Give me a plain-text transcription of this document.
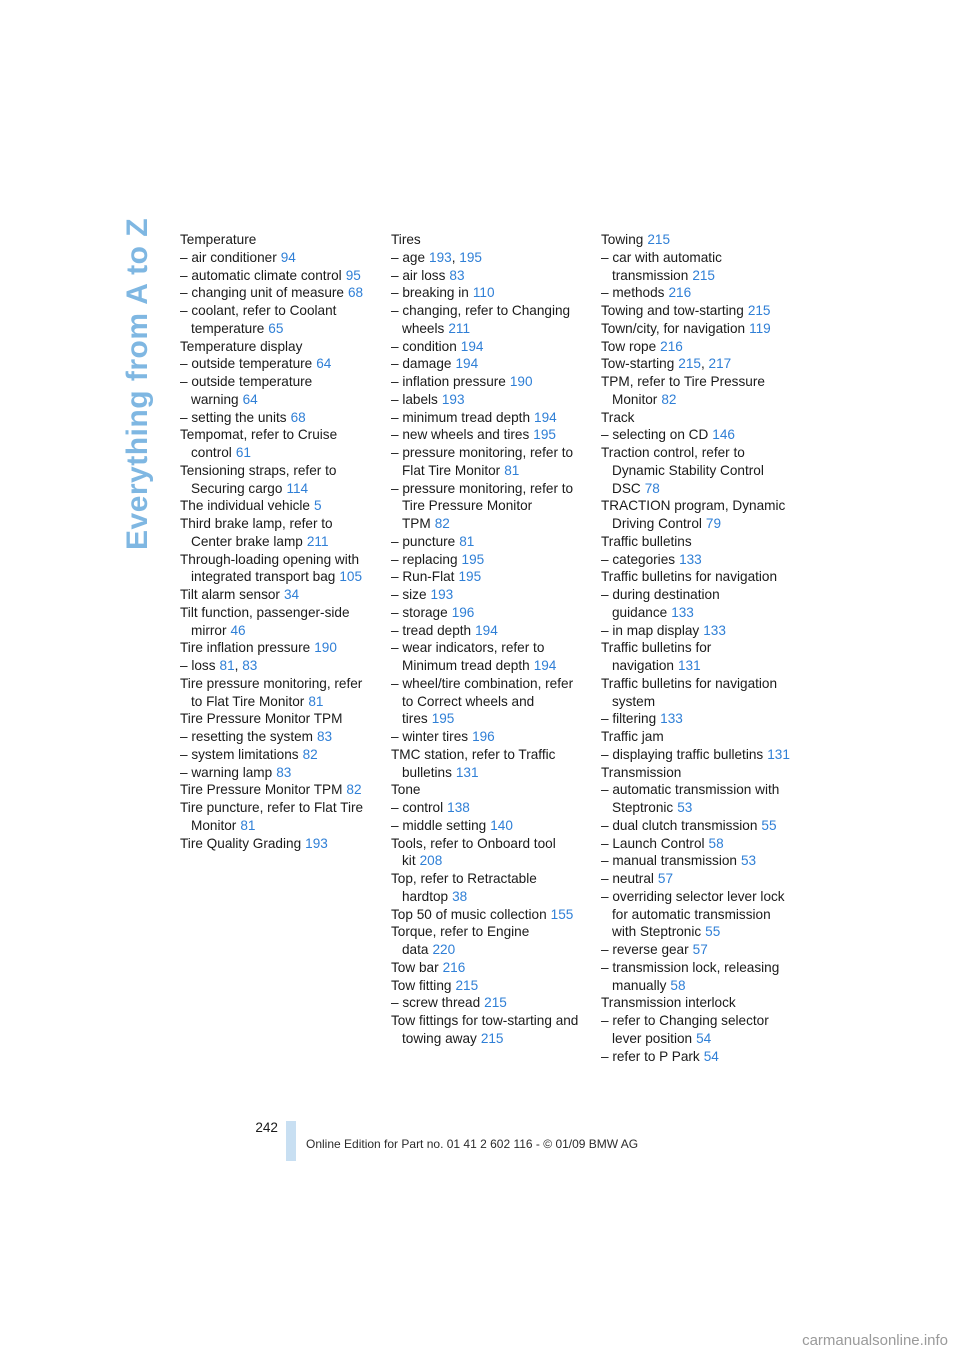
Everything from A to Z Temperature

– air conditioner 94

– automatic climate control 95

– changing unit of measure 68

– coolant, refer to Coolant temperature 65

Temperature display

– outside temperature 64

– outside temperature warning 64

– setting the units 68

Tempomat, refer to Cruise control 61

Tensioning straps, refer to Securing cargo 114

The individual vehicle 5

Third brake lamp, refer to Center brake lamp 211

Through-loading opening with integrated transport bag 105

Tilt alarm sensor 34

Tilt function, passenger-side mirror 46

Tire inflation pressure 190

– loss 81, 83

Tire pressure monitoring, refer to Flat Tire Monitor 81

Tire Pressure Monitor TPM

– resetting the system 83

– system limitations 82

– warning lamp 83

Tire Pressure Monitor TPM 82

Tire puncture, refer to Flat Tire Monitor 81

Tire Quality Grading 193

Tires

– age 193, 195

– air loss 83

– breaking in 110

– changing, refer to Changing wheels 211

– condition 194

– damage 194

– inflation pressure 190

– labels 193

– minimum tread depth 194

– new wheels and tires 195

– pressure monitoring, refer to Flat Tire Monitor 81

– pressure monitoring, refer to Tire Pressure Monitor TPM 82

– puncture 81

– replacing 195

– Run-Flat 195

– size 193

– storage 196

– tread depth 194

– wear indicators, refer to Minimum tread depth 194

– wheel/tire combination, refer to Correct wheels and tires 195

– winter tires 196

TMC station, refer to Traffic bulletins 131

Tone

– control 138

– middle setting 140

Tools, refer to Onboard tool kit 208

Top, refer to Retractable hardtop 38

Top 50 of music collection 155

Torque, refer to Engine data 220

Tow bar 216

Tow fitting 215

– screw thread 215

Tow fittings for tow-starting and towing away 215

Towing 215

– car with automatic transmission 215

– methods 216

Towing and tow-starting 215

Town/city, for navigation 119

Tow rope 216

Tow-starting 215, 217

TPM, refer to Tire Pressure Monitor 82

Track

– selecting on CD 146

Traction control, refer to Dynamic Stability Control DSC 78

TRACTION program, Dynamic Driving Control 79

Traffic bulletins

– categories 133

Traffic bulletins for navigation

– during destination guidance 133

– in map display 133

Traffic bulletins for navigation 131

Traffic bulletins for navigation system

– filtering 133

Traffic jam

– displaying traffic bulletins 131

Transmission

– automatic transmission with Steptronic 53

– dual clutch transmission 55

– Launch Control 58

– manual transmission 53

– neutral 57

– overriding selector lever lock for automatic transmission with Steptronic 55

– reverse gear 57

– transmission lock, releasing manually 58

Transmission interlock

– refer to Changing selector lever position 54

– refer to P Park 54

242
Online Edition for Part no. 01 41 2 602 116 - © 01/09 BMW AG
carmanualsonline.info
